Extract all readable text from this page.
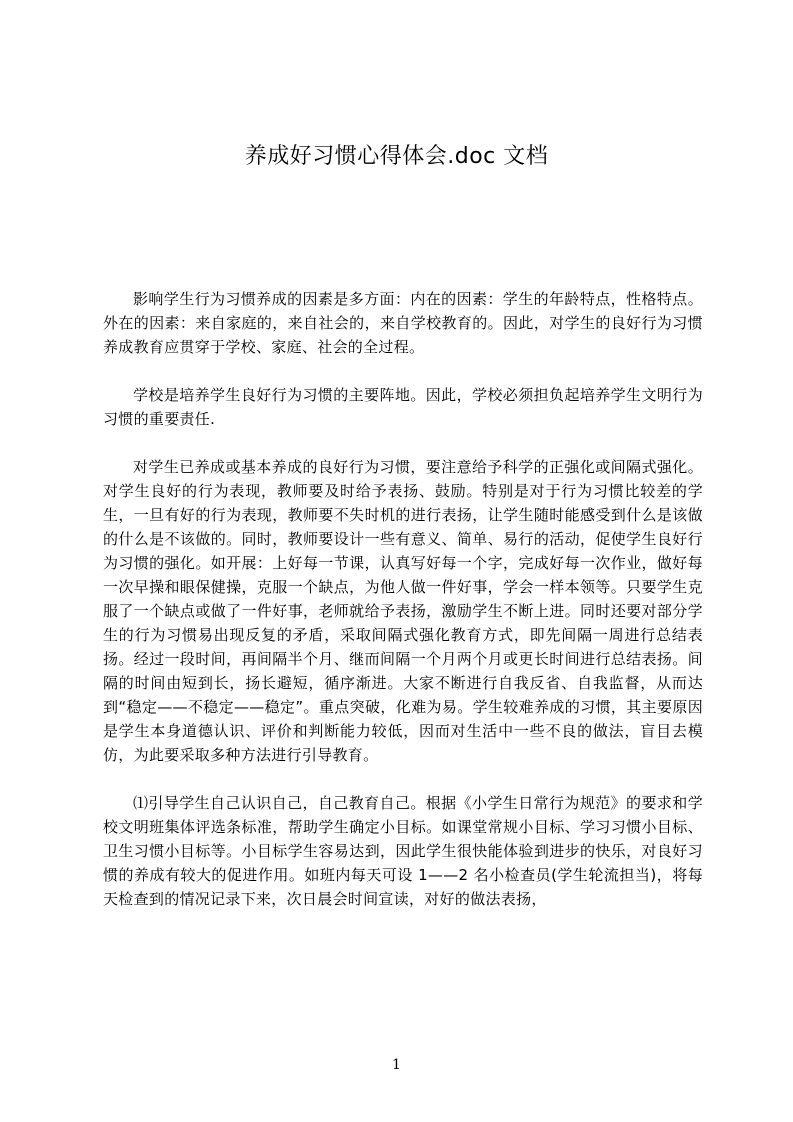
养成好习惯心得体会.doc 文档

影响学生行为习惯养成的因素是多方面：内在的因素：学生的年龄特点，性格特点。外在的因素：来自家庭的，来自社会的，来自学校教育的。因此，对学生的良好行为习惯养成教育应贯穿于学校、家庭、社会的全过程。

学校是培养学生良好行为习惯的主要阵地。因此，学校必须担负起培养学生文明行为习惯的重要责任.

对学生已养成或基本养成的良好行为习惯，要注意给予科学的正强化或间隔式强化。对学生良好的行为表现，教师要及时给予表扬、鼓励。特别是对于行为习惯比较差的学生，一旦有好的行为表现，教师要不失时机的进行表扬，让学生随时能感受到什么是该做的什么是不该做的。同时，教师要设计一些有意义、简单、易行的活动，促使学生良好行为习惯的强化。如开展：上好每一节课，认真写好每一个字，完成好每一次作业，做好每一次早操和眼保健操，克服一个缺点，为他人做一件好事，学会一样本领等。只要学生克服了一个缺点或做了一件好事，老师就给予表扬，激励学生不断上进。同时还要对部分学生的行为习惯易出现反复的矛盾，采取间隔式强化教育方式，即先间隔一周进行总结表扬。经过一段时间，再间隔半个月、继而间隔一个月两个月或更长时间进行总结表扬。间隔的时间由短到长，扬长避短，循序渐进。大家不断进行自我反省、自我监督，从而达到“稳定——不稳定——稳定”。重点突破，化难为易。学生较难养成的习惯，其主要原因是学生本身道德认识、评价和判断能力较低，因而对生活中一些不良的做法，盲目去模仿，为此要采取多种方法进行引导教育。

⑴引导学生自己认识自己，自己教育自己。根据《小学生日常行为规范》的要求和学校文明班集体评选条标准，帮助学生确定小目标。如课堂常规小目标、学习习惯小目标、卫生习惯小目标等。小目标学生容易达到，因此学生很快能体验到进步的快乐，对良好习惯的养成有较大的促进作用。如班内每天可设 1——2 名小检查员(学生轮流担当)，将每天检查到的情况记录下来，次日晨会时间宣读，对好的做法表扬，

1
